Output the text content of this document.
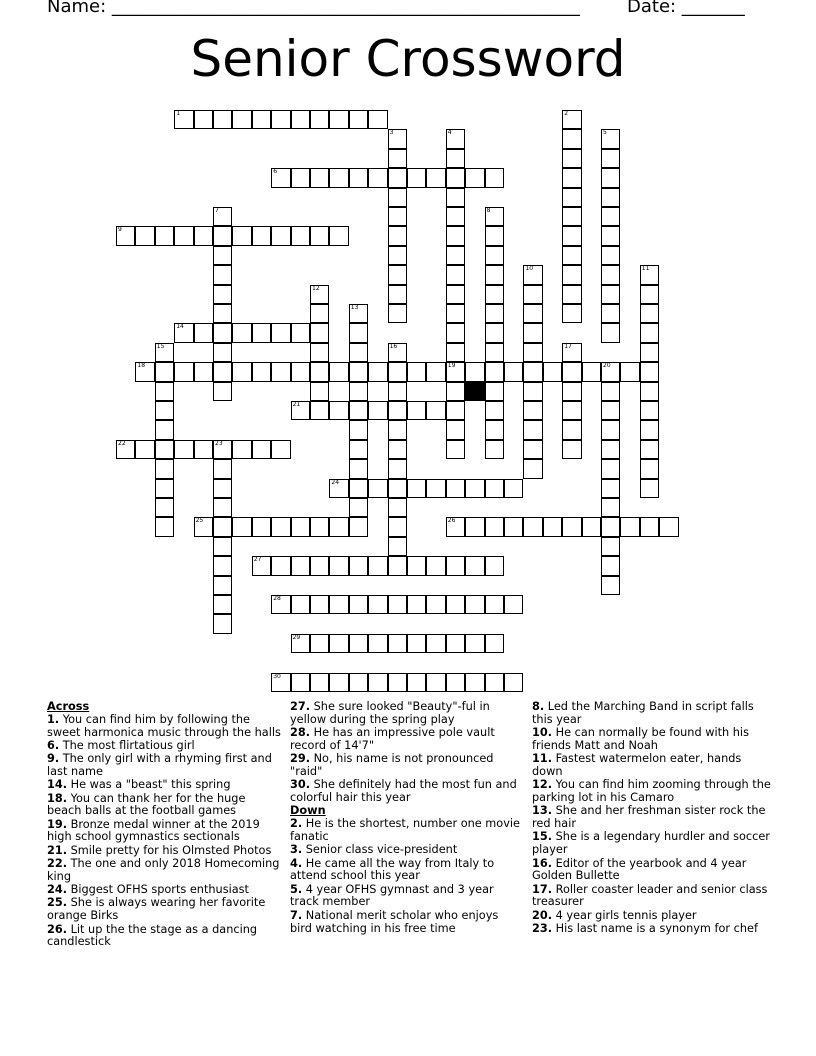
Name: ____________________________________________________	Date: _______
Senior Crossword
1
6
9
14
18	19	20
21
22	23
24
25	26
27
28
29
30
2
3	4	5
7	8
10	11
12
13
15	16	17
Across
1. You can find him by following the sweet harmonica music through the halls
6. The most flirtatious girl
9. The only girl with a rhyming first and last name
14. He was a "beast" this spring
18. You can thank her for the huge beach balls at the football games
19. Bronze medal winner at the 2019 high school gymnastics sectionals
21. Smile pretty for his Olmsted Photos
22. The one and only 2018 Homecoming king
24. Biggest OFHS sports enthusiast
25. She is always wearing her favorite orange Birks
26. Lit up the the stage as a dancing candlestick
27. She sure looked "Beauty"-ful in yellow during the spring play
28. He has an impressive pole vault record of 14'7"
29. No, his name is not pronounced "raid"
30. She definitely had the most fun and colorful hair this year
Down
2. He is the shortest, number one movie fanatic
3. Senior class vice-president
4. He came all the way from Italy to attend school this year
5. 4 year OFHS gymnast and 3 year track member
7. National merit scholar who enjoys bird watching in his free time
8. Led the Marching Band in script falls this year
10. He can normally be found with his friends Matt and Noah
11. Fastest watermelon eater, hands down
12. You can find him zooming through the parking lot in his Camaro
13. She and her freshman sister rock the red hair
15. She is a legendary hurdler and soccer player
16. Editor of the yearbook and 4 year Golden Bullette
17. Roller coaster leader and senior class treasurer
20. 4 year girls tennis player
23. His last name is a synonym for chef
